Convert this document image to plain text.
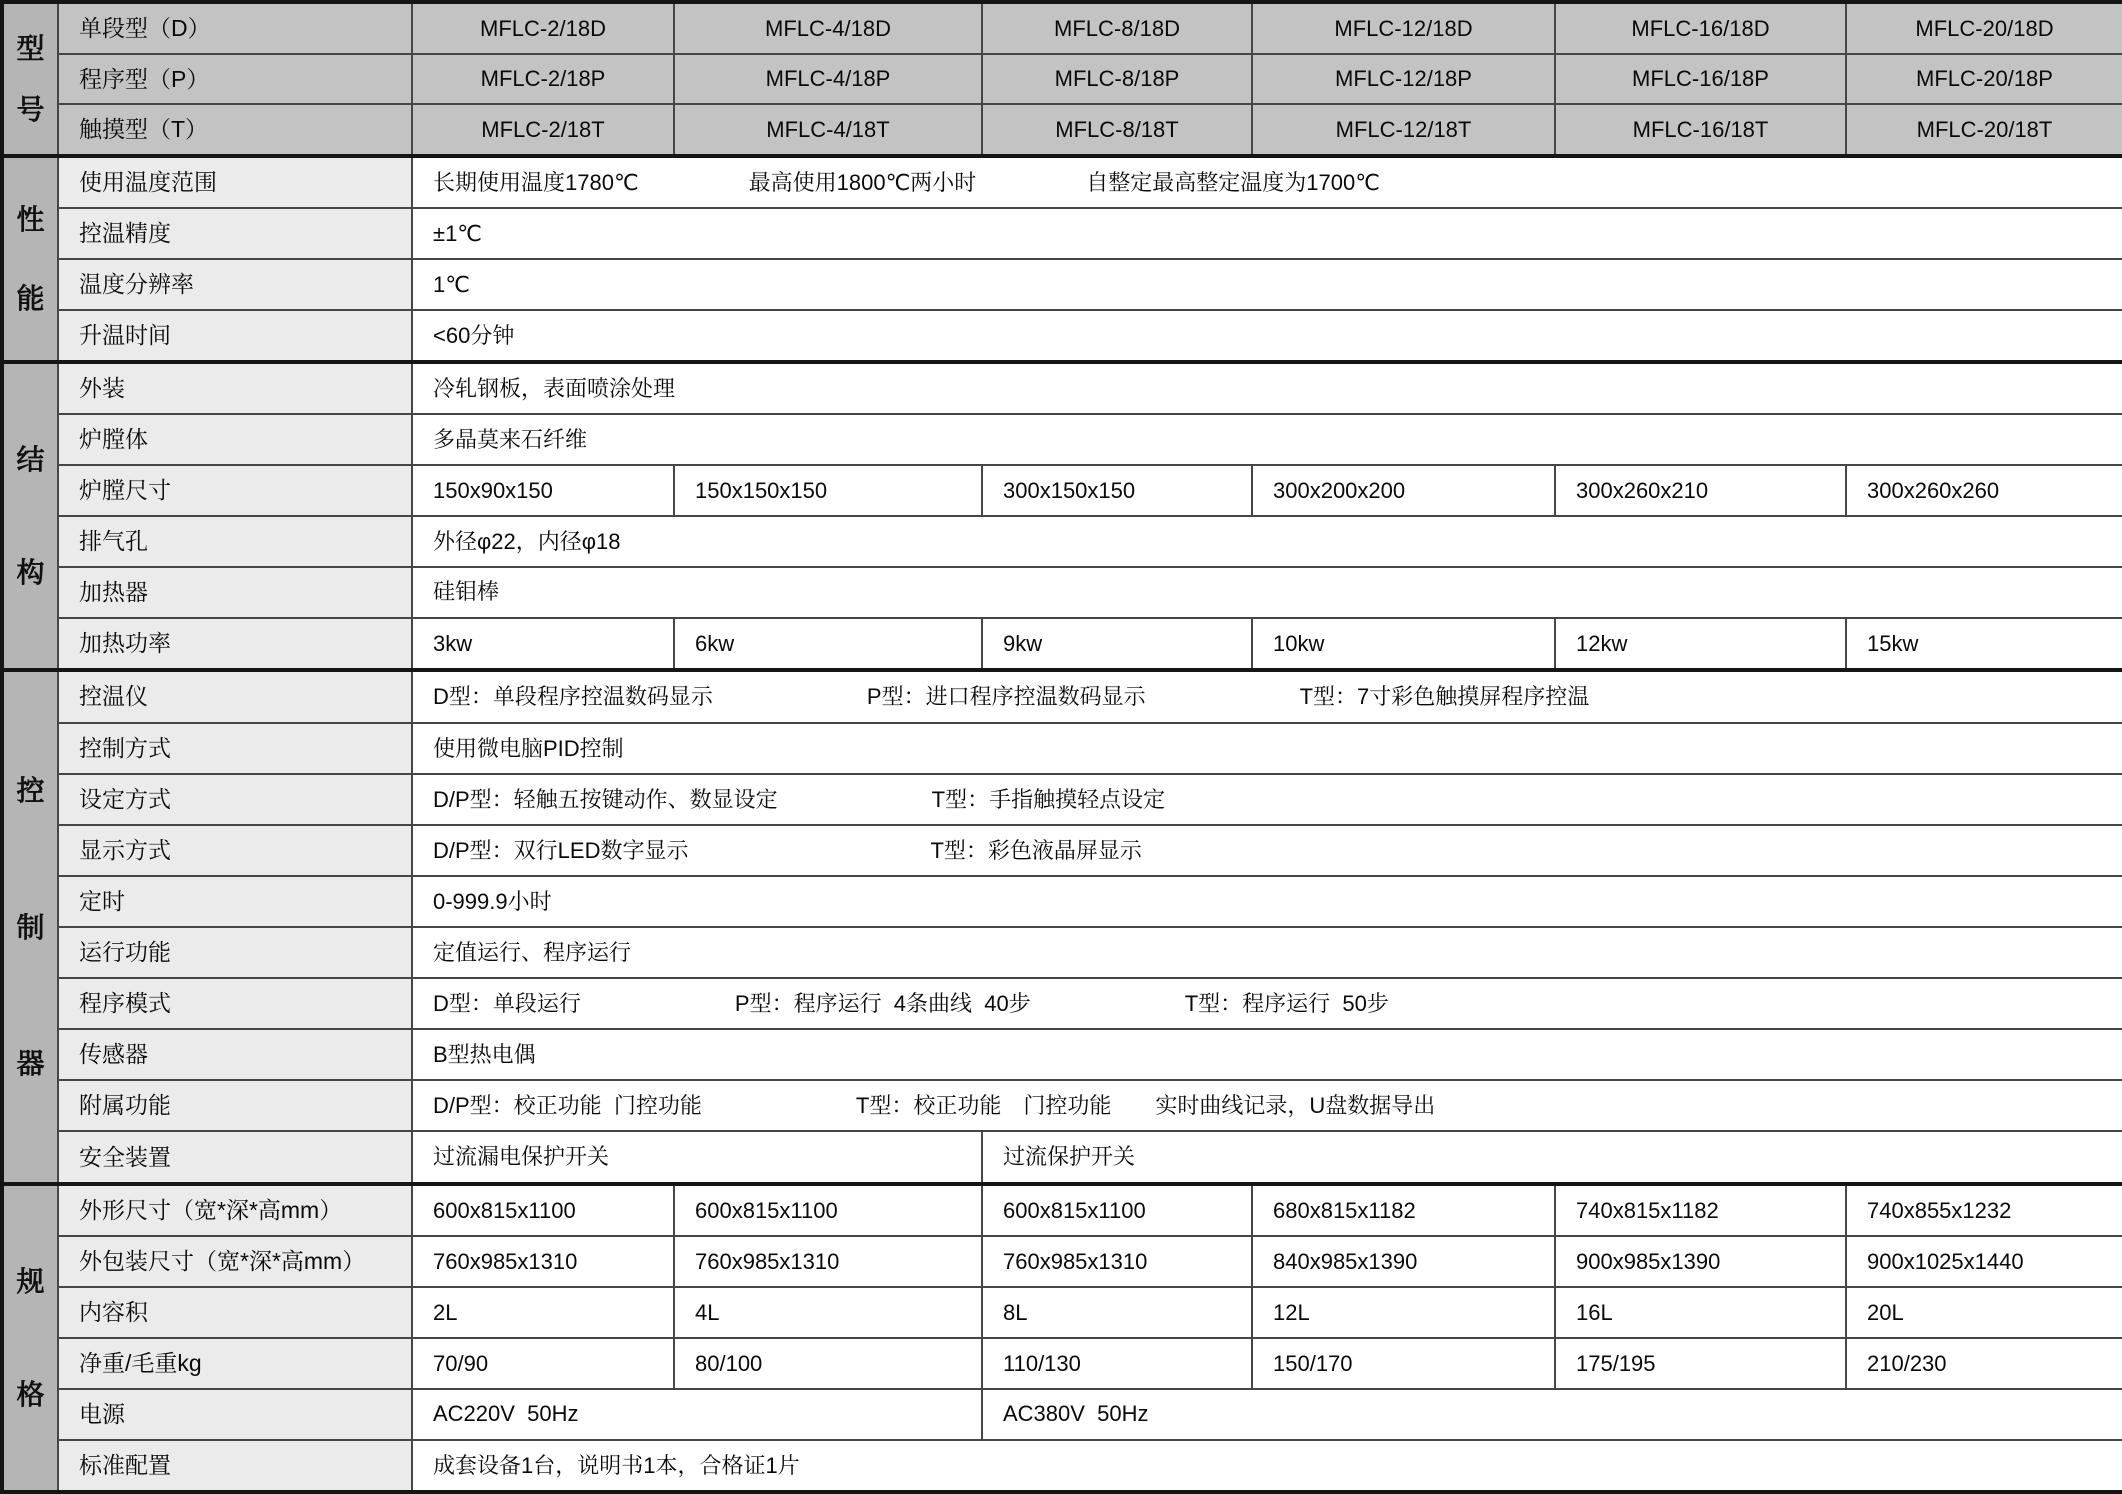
型
号	单段型（D）	MFLC-2/18D	MFLC-4/18D	MFLC-8/18D	MFLC-12/18D	MFLC-16/18D	MFLC-20/18D
	程序型（P）	MFLC-2/18P	MFLC-4/18P	MFLC-8/18P	MFLC-12/18P	MFLC-16/18P	MFLC-20/18P
	触摸型（T）	MFLC-2/18T	MFLC-4/18T	MFLC-8/18T	MFLC-12/18T	MFLC-16/18T	MFLC-20/18T

性
能	使用温度范围	长期使用温度1780℃　　　　　最高使用1800℃两小时　　　　　自整定最高整定温度为1700℃					
	控温精度	±1℃					
	温度分辨率	1℃					
	升温时间	<60分钟					

结
构	外装	冷轧钢板，表面喷涂处理					
	炉膛体	多晶莫来石纤维					
	炉膛尺寸	150x90x150	150x150x150	300x150x150	300x200x200	300x260x210	300x260x260
	排气孔	外径φ22，内径φ18					
	加热器	硅钼棒					
	加热功率	3kw	6kw	9kw	10kw	12kw	15kw

控
制
器	控温仪	D型：单段程序控温数码显示　　　　　　　P型：进口程序控温数码显示　　　　　　　T型：7寸彩色触摸屏程序控温					
	控制方式	使用微电脑PID控制					
	设定方式	D/P型：轻触五按键动作、数显设定　　　　　　　T型：手指触摸轻点设定					
	显示方式	D/P型：双行LED数字显示　　　　　　　　　　　T型：彩色液晶屏显示					
	定时	0-999.9小时					
	运行功能	定值运行、程序运行					
	程序模式	D型：单段运行　　　　　　　P型：程序运行  4条曲线  40步　　　　　　　T型：程序运行  50步					
	传感器	B型热电偶					
	附属功能	D/P型：校正功能  门控功能　　　　　　　T型：校正功能　门控功能　　实时曲线记录，U盘数据导出					
	安全装置	过流漏电保护开关		过流保护开关			

规
格	外形尺寸（宽*深*高mm）	600x815x1100	600x815x1100	600x815x1100	680x815x1182	740x815x1182	740x855x1232
	外包装尺寸（宽*深*高mm）	760x985x1310	760x985x1310	760x985x1310	840x985x1390	900x985x1390	900x1025x1440
	内容积	2L	4L	8L	12L	16L	20L
	净重/毛重kg	70/90	80/100	110/130	150/170	175/195	210/230
	电源	AC220V  50Hz		AC380V  50Hz			
	标准配置	成套设备1台，说明书1本，合格证1片					
